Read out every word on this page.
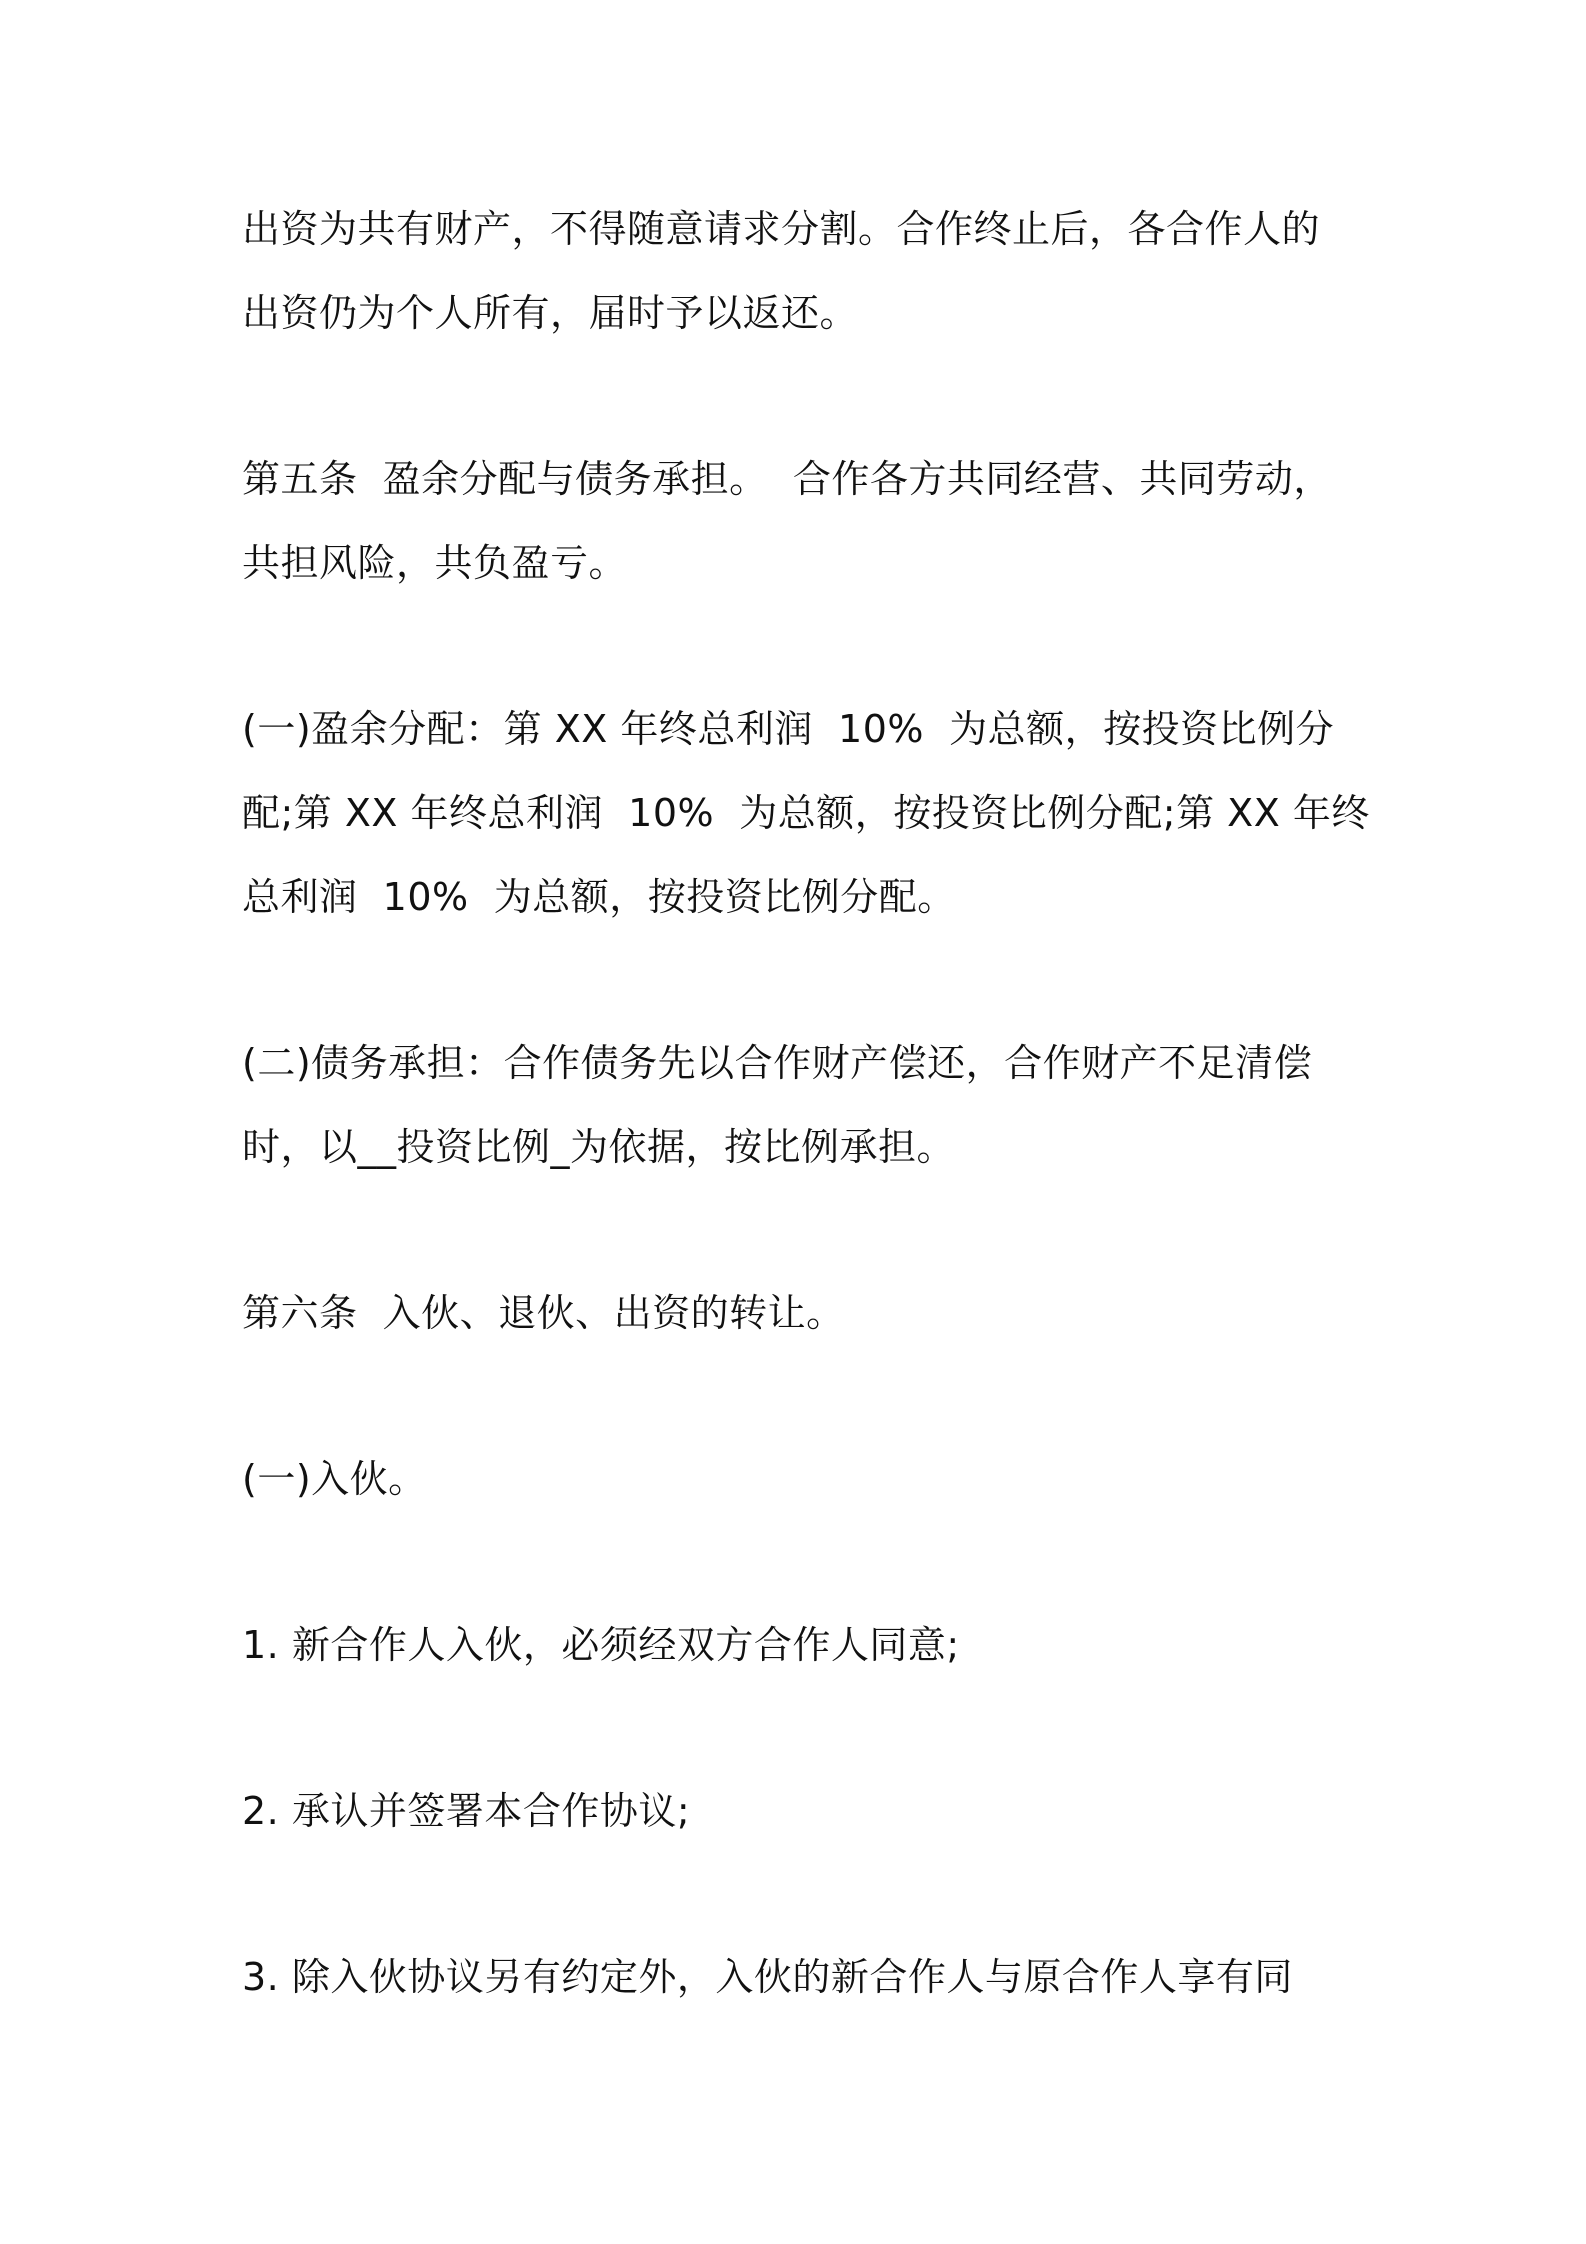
出资为共有财产，不得随意请求分割。合作终止后，各合作人的
出资仍为个人所有，届时予以返还。
第五条  盈余分配与债务承担。  合作各方共同经营、共同劳动，
共担风险，共负盈亏。
(一)盈余分配：第 XX 年终总利润  10%  为总额，按投资比例分
配;第 XX 年终总利润  10%  为总额，按投资比例分配;第 XX 年终
总利润  10%  为总额，按投资比例分配。
(二)债务承担：合作债务先以合作财产偿还，合作财产不足清偿
时，以__投资比例_为依据，按比例承担。
第六条  入伙、退伙、出资的转让。
(一)入伙。
1. 新合作人入伙，必须经双方合作人同意;
2. 承认并签署本合作协议;
3. 除入伙协议另有约定外，入伙的新合作人与原合作人享有同
